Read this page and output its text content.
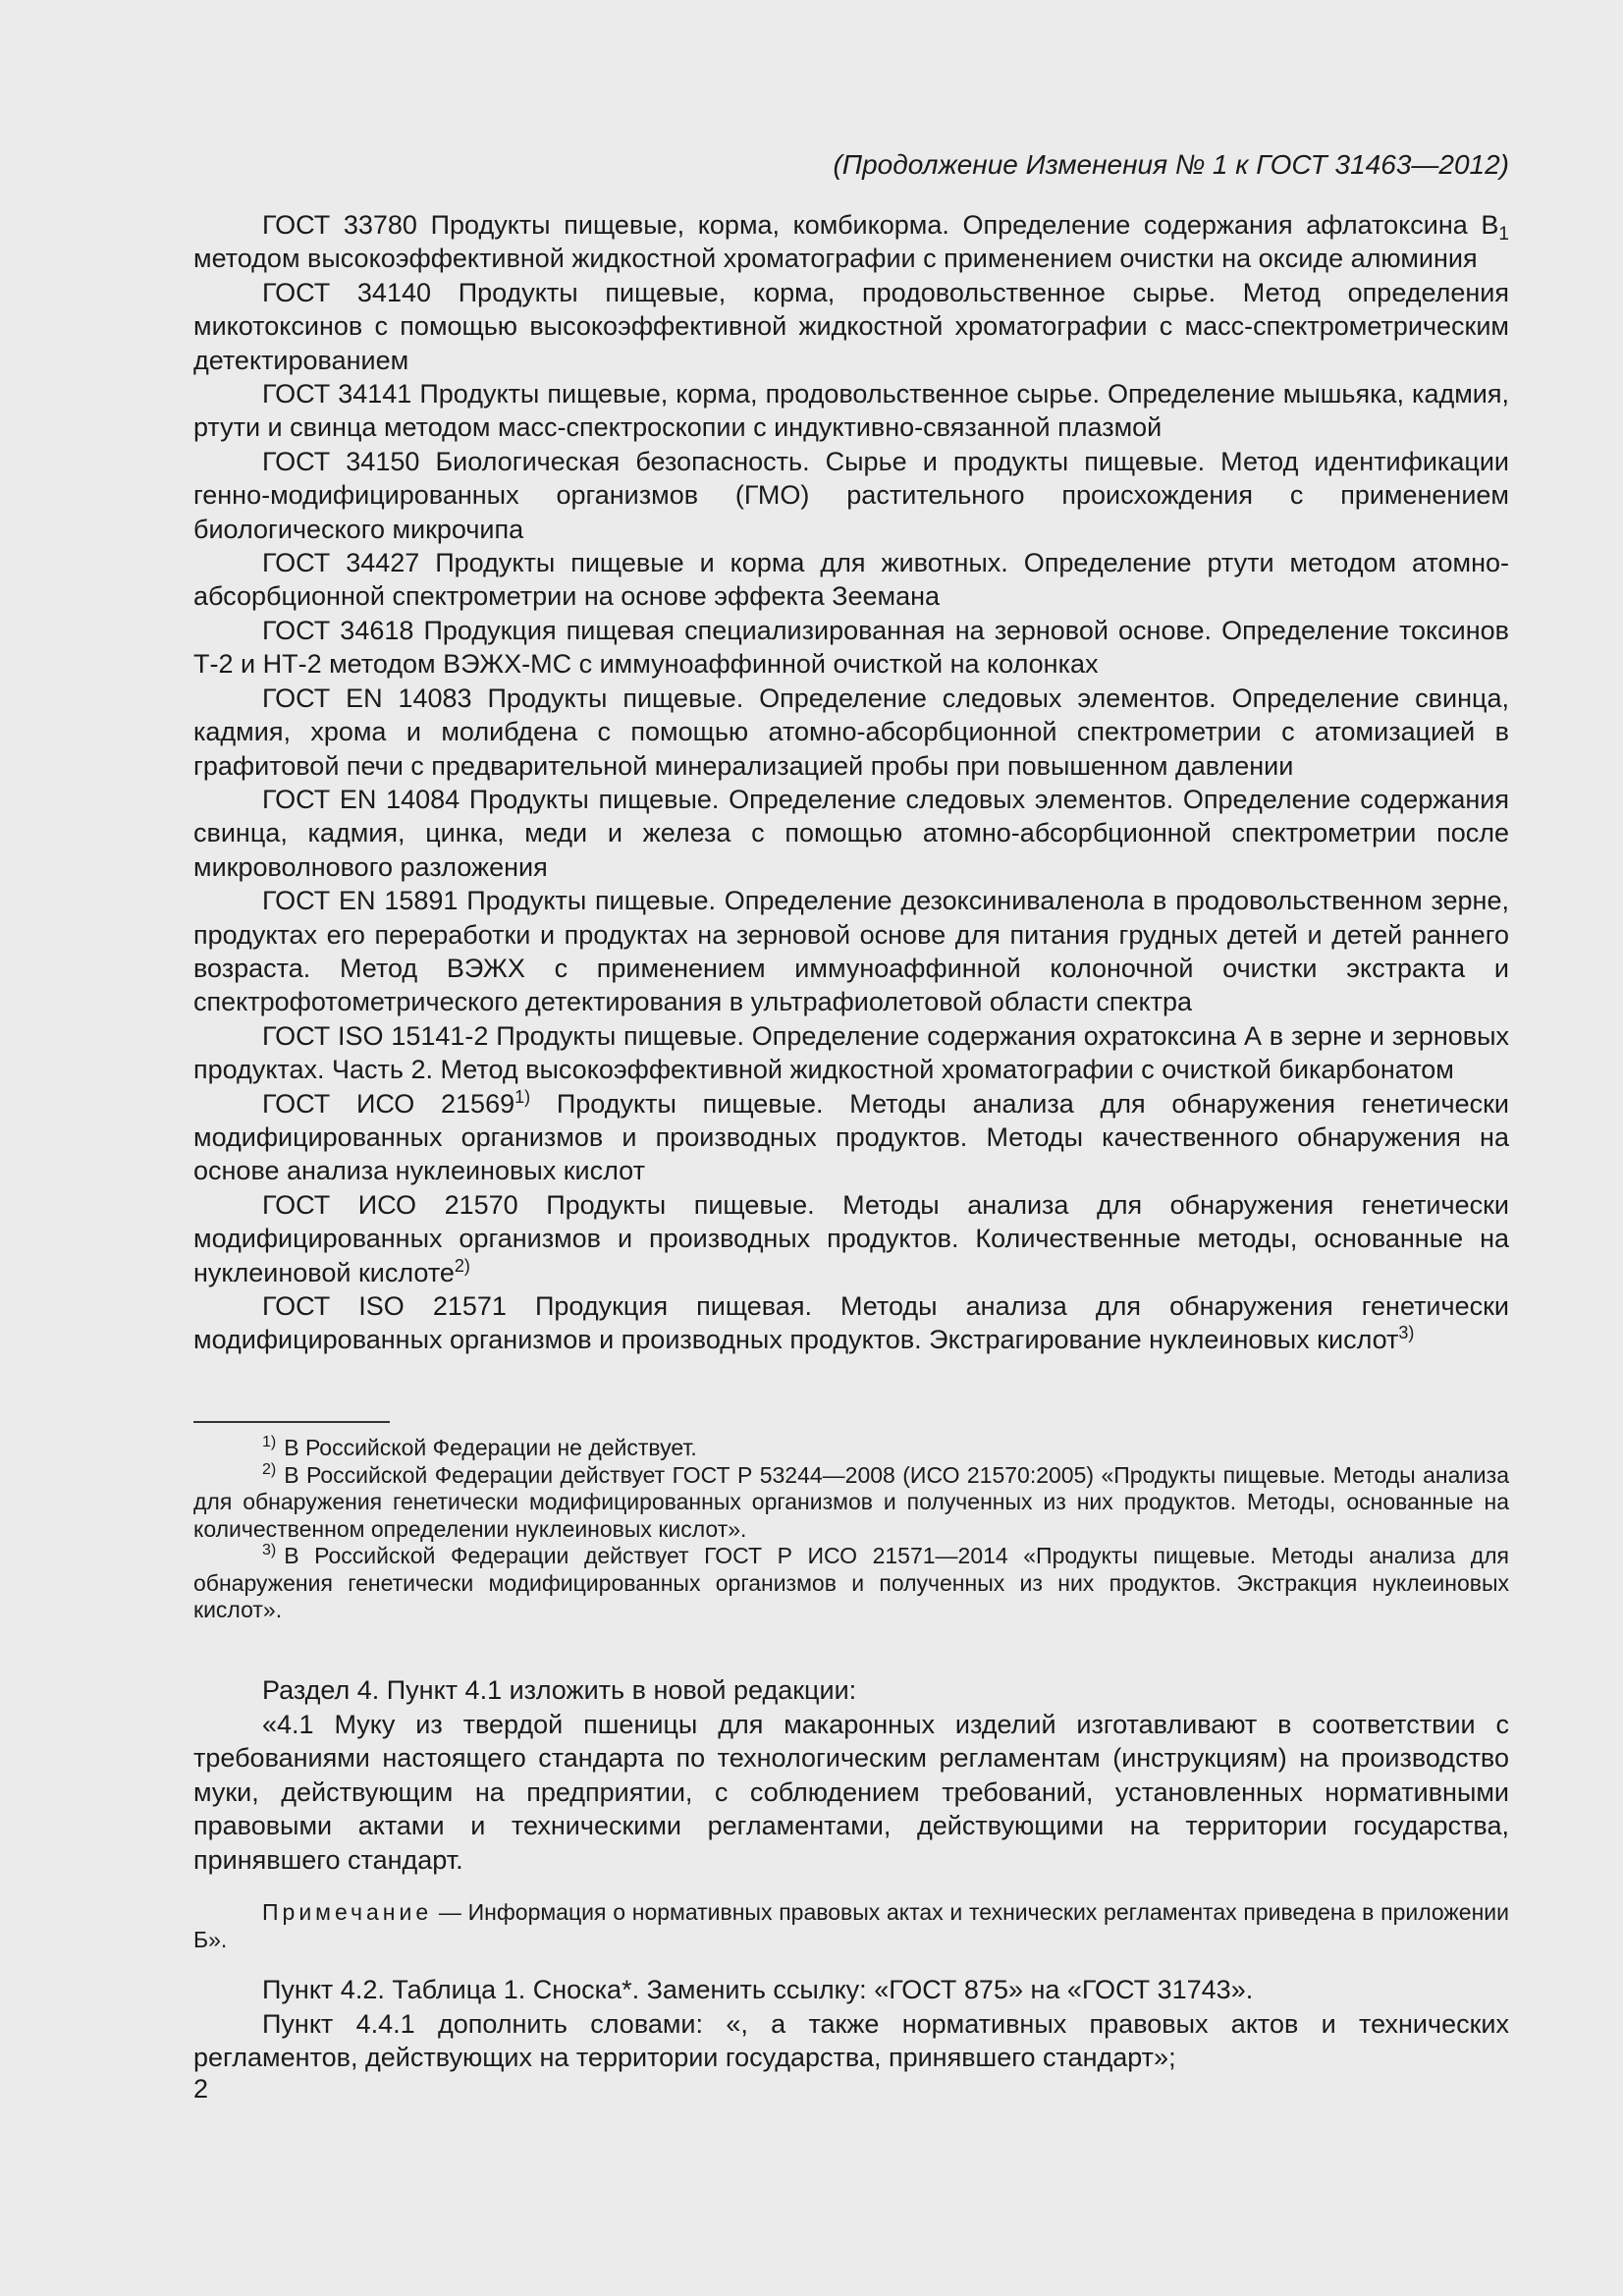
(Продолжение Изменения № 1 к ГОСТ 31463—2012)

ГОСТ 33780 Продукты пищевые, корма, комбикорма. Определение содержания афлатоксина $B_1$ методом высокоэффективной жидкостной хроматографии с применением очистки на оксиде алюминия

ГОСТ 34140 Продукты пищевые, корма, продовольственное сырье. Метод определения микотоксинов с помощью высокоэффективной жидкостной хроматографии с масс-спектрометрическим детектированием

ГОСТ 34141 Продукты пищевые, корма, продовольственное сырье. Определение мышьяка, кадмия, ртути и свинца методом масс-спектроскопии с индуктивно-связанной плазмой

ГОСТ 34150 Биологическая безопасность. Сырье и продукты пищевые. Метод идентификации генно-модифицированных организмов (ГМО) растительного происхождения с применением биологического микрочипа

ГОСТ 34427 Продукты пищевые и корма для животных. Определение ртути методом атомно-абсорбционной спектрометрии на основе эффекта Зеемана

ГОСТ 34618 Продукция пищевая специализированная на зерновой основе. Определение токсинов Т-2 и НТ-2 методом ВЭЖХ-МС с иммуноаффинной очисткой на колонках

ГОСТ EN 14083 Продукты пищевые. Определение следовых элементов. Определение свинца, кадмия, хрома и молибдена с помощью атомно-абсорбционной спектрометрии с атомизацией в графитовой печи с предварительной минерализацией пробы при повышенном давлении

ГОСТ EN 14084 Продукты пищевые. Определение следовых элементов. Определение содержания свинца, кадмия, цинка, меди и железа с помощью атомно-абсорбционной спектрометрии после микроволнового разложения

ГОСТ EN 15891 Продукты пищевые. Определение дезоксиниваленола в продовольственном зерне, продуктах его переработки и продуктах на зерновой основе для питания грудных детей и детей раннего возраста. Метод ВЭЖХ с применением иммуноаффинной колоночной очистки экстракта и спектрофотометрического детектирования в ультрафиолетовой области спектра

ГОСТ ISO 15141-2 Продукты пищевые. Определение содержания охратоксина А в зерне и зерновых продуктах. Часть 2. Метод высокоэффективной жидкостной хроматографии с очисткой бикарбонатом

ГОСТ ИСО 21569$^{1)}$ Продукты пищевые. Методы анализа для обнаружения генетически модифицированных организмов и производных продуктов. Методы качественного обнаружения на основе анализа нуклеиновых кислот

ГОСТ ИСО 21570 Продукты пищевые. Методы анализа для обнаружения генетически модифицированных организмов и производных продуктов. Количественные методы, основанные на нуклеиновой кислоте$^{2)}$

ГОСТ ISO 21571 Продукция пищевая. Методы анализа для обнаружения генетически модифицированных организмов и производных продуктов. Экстрагирование нуклеиновых кислот$^{3)}$

$^{1)}$ В Российской Федерации не действует.

$^{2)}$ В Российской Федерации действует ГОСТ Р 53244—2008 (ИСО 21570:2005) «Продукты пищевые. Методы анализа для обнаружения генетически модифицированных организмов и полученных из них продуктов. Методы, основанные на количественном определении нуклеиновых кислот».

$^{3)}$ В Российской Федерации действует ГОСТ Р ИСО 21571—2014 «Продукты пищевые. Методы анализа для обнаружения генетически модифицированных организмов и полученных из них продуктов. Экстракция нуклеиновых кислот».

Раздел 4. Пункт 4.1 изложить в новой редакции:

«4.1 Муку из твердой пшеницы для макаронных изделий изготавливают в соответствии с требованиями настоящего стандарта по технологическим регламентам (инструкциям) на производство муки, действующим на предприятии, с соблюдением требований, установленных нормативными правовыми актами и техническими регламентами, действующими на территории государства, принявшего стандарт.

Примечание — Информация о нормативных правовых актах и технических регламентах приведена в приложении Б».

Пункт 4.2. Таблица 1. Сноска*. Заменить ссылку: «ГОСТ 875» на «ГОСТ 31743».

Пункт 4.4.1 дополнить словами: «, а также нормативных правовых актов и технических регламентов, действующих на территории государства, принявшего стандарт»;

2
